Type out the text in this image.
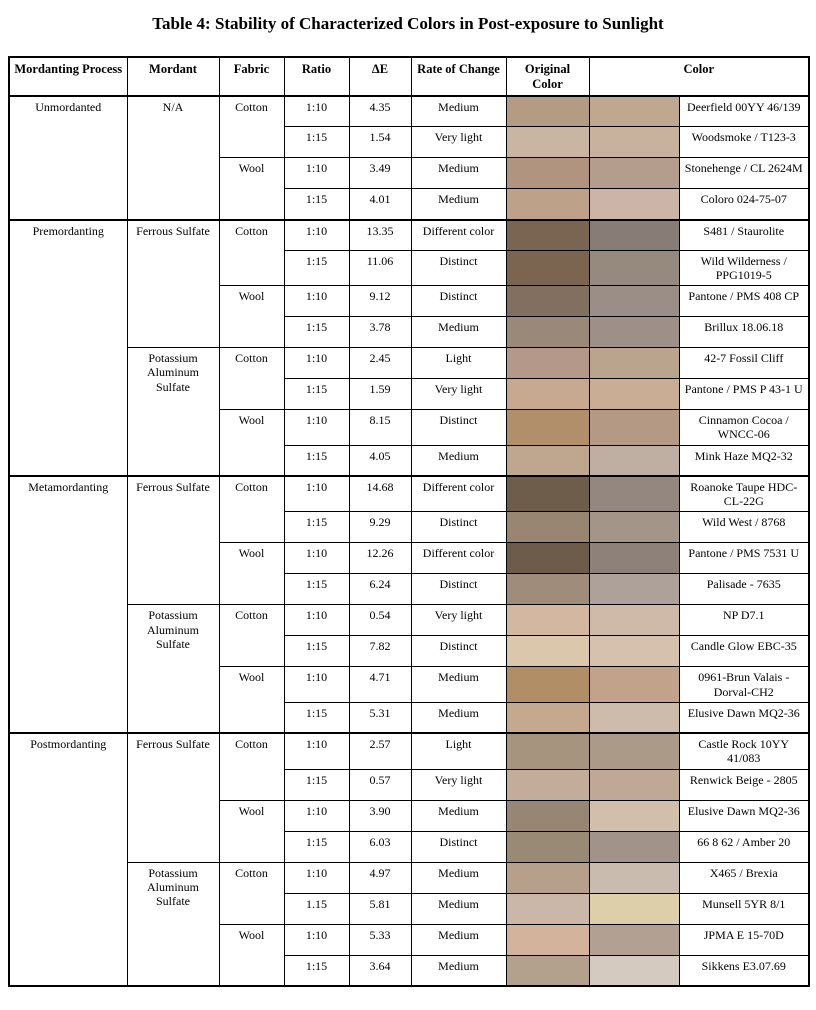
Table 4: Stability of Characterized Colors in Post-exposure to Sunlight
Mordanting Process	Mordant	Fabric	Ratio	ΔE	Rate of Change	Original Color	Color	
Unmordanted	N/A	Cotton	1:10	4.35	Medium			Deerfield 00YY 46/139
			1:15	1.54	Very light			Woodsmoke / T123-3
		Wool	1:10	3.49	Medium			Stonehenge / CL 2624M
			1:15	4.01	Medium			Coloro 024-75-07
Premordanting	Ferrous Sulfate	Cotton	1:10	13.35	Different color			S481 / Staurolite
			1:15	11.06	Distinct			Wild Wilderness / PPG1019-5
		Wool	1:10	9.12	Distinct			Pantone / PMS 408 CP
			1:15	3.78	Medium			Brillux 18.06.18
	Potassium Aluminum Sulfate	Cotton	1:10	2.45	Light			42-7 Fossil Cliff
			1:15	1.59	Very light			Pantone / PMS P 43-1 U
		Wool	1:10	8.15	Distinct			Cinnamon Cocoa / WNCC-06
			1:15	4.05	Medium			Mink Haze MQ2-32
Metamordanting	Ferrous Sulfate	Cotton	1:10	14.68	Different color			Roanoke Taupe HDC-CL-22G
			1:15	9.29	Distinct			Wild West / 8768
		Wool	1:10	12.26	Different color			Pantone / PMS 7531 U
			1:15	6.24	Distinct			Palisade - 7635
	Potassium Aluminum Sulfate	Cotton	1:10	0.54	Very light			NP D7.1
			1:15	7.82	Distinct			Candle Glow EBC-35
		Wool	1:10	4.71	Medium			0961-Brun Valais - Dorval-CH2
			1:15	5.31	Medium			Elusive Dawn MQ2-36
Postmordanting	Ferrous Sulfate	Cotton	1:10	2.57	Light			Castle Rock 10YY 41/083
			1:15	0.57	Very light			Renwick Beige - 2805
		Wool	1:10	3.90	Medium			Elusive Dawn MQ2-36
			1:15	6.03	Distinct			66 8 62 / Amber 20
	Potassium Aluminum Sulfate	Cotton	1:10	4.97	Medium			X465 / Brexia
			1.15	5.81	Medium			Munsell 5YR 8/1
		Wool	1:10	5.33	Medium			JPMA E 15-70D
			1:15	3.64	Medium			Sikkens E3.07.69
